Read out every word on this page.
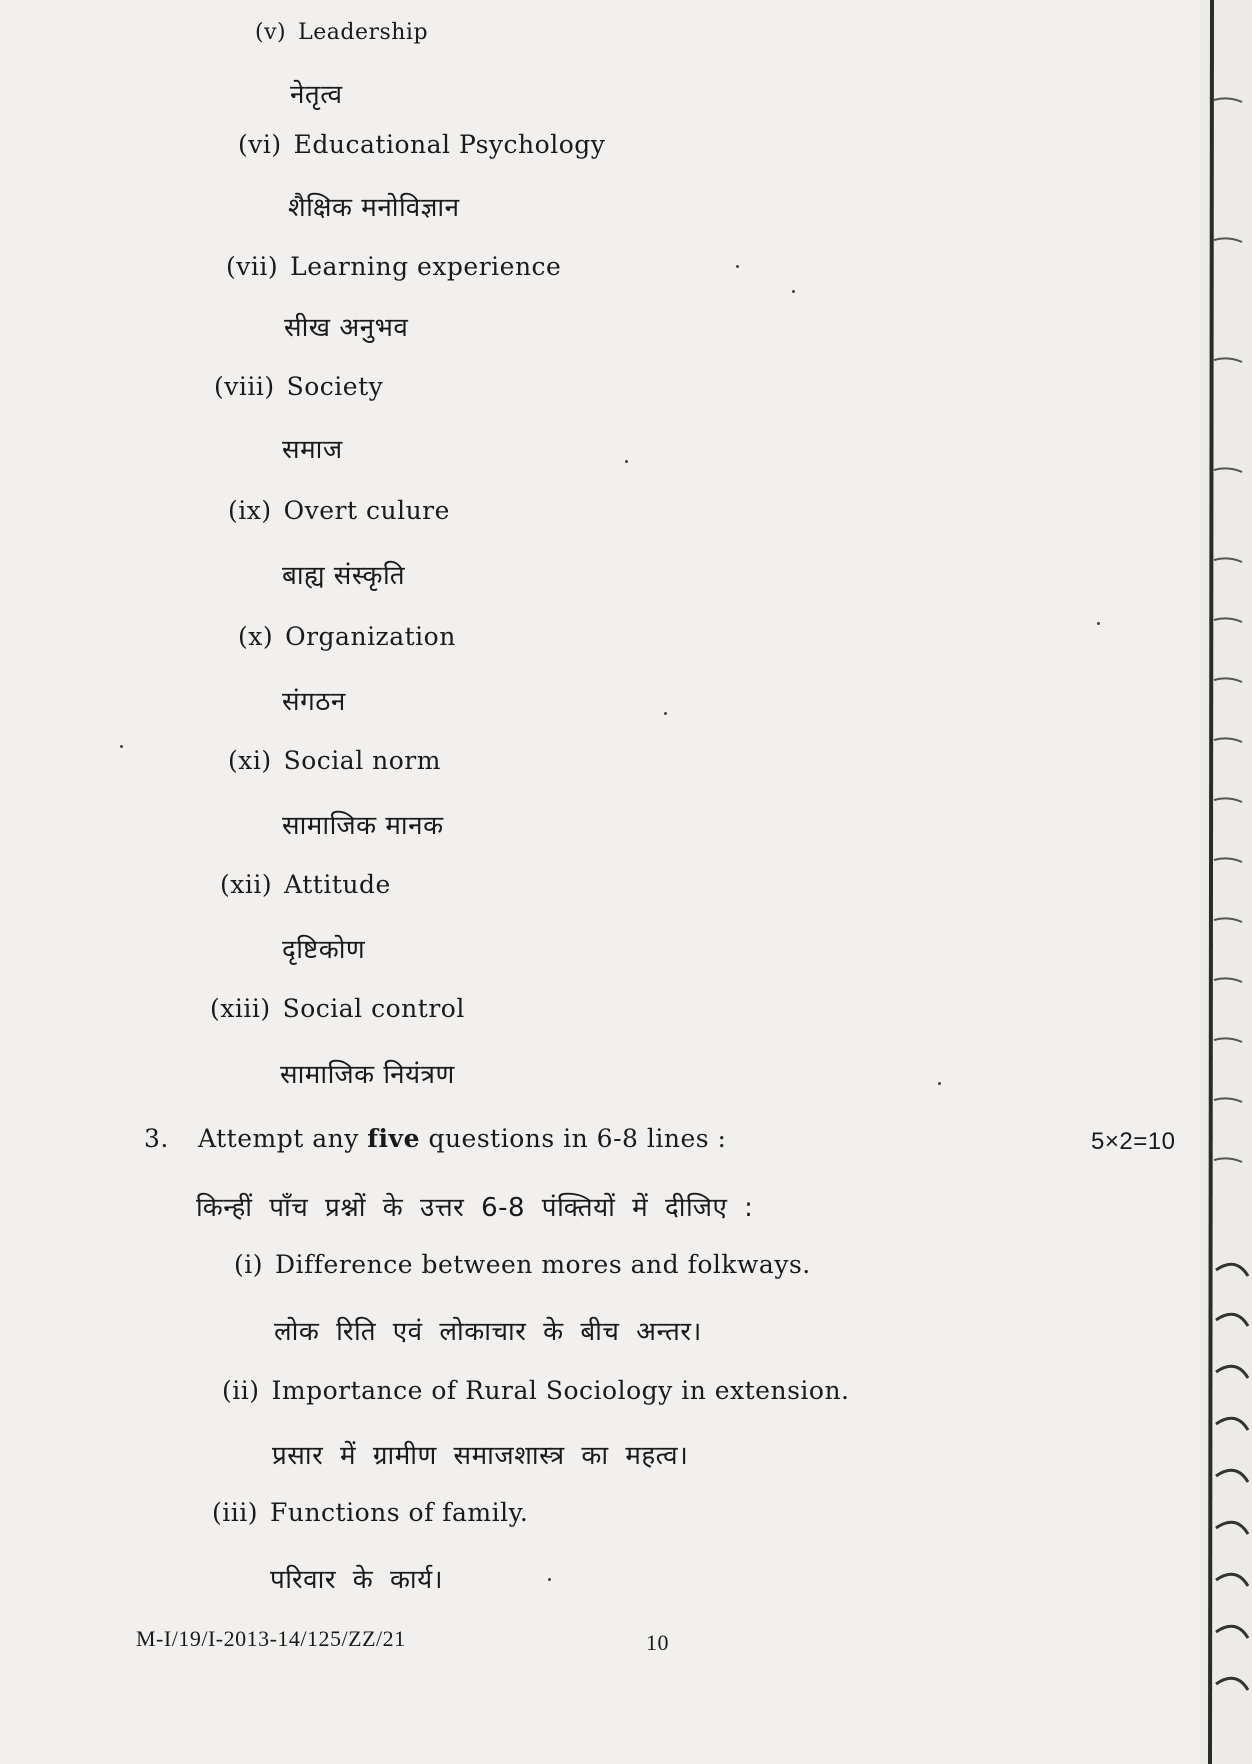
(v) Leadership
नेतृत्व
(vi) Educational Psychology
शैक्षिक मनोविज्ञान
(vii) Learning experience
सीख अनुभव
(viii) Society
समाज
(ix) Overt culure
बाह्य संस्कृति
(x) Organization
संगठन
(xi) Social norm
सामाजिक मानक
(xii) Attitude
दृष्टिकोण
(xiii) Social control
सामाजिक नियंत्रण
3. Attempt any five questions in 6-8 lines :	5×2=10
किन्हीं पाँच प्रश्नों के उत्तर 6-8 पंक्तियों में दीजिए :
(i) Difference between mores and folkways.
लोक रिति एवं लोकाचार के बीच अन्तर।
(ii) Importance of Rural Sociology in extension.
प्रसार में ग्रामीण समाजशास्त्र का महत्व।
(iii) Functions of family.
परिवार के कार्य।
M-I/19/I-2013-14/125/ZZ/21	10
